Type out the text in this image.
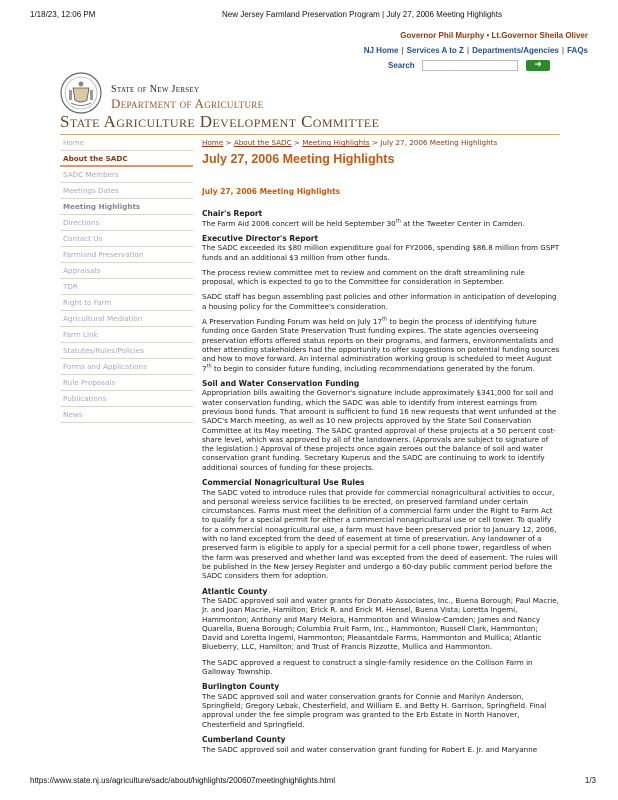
1/18/23, 12:06 PM	New Jersey Farmland Preservation Program | July 27, 2006 Meeting Highlights
Governor Phil Murphy • Lt.Governor Sheila Oliver
NJ Home | Services A to Z | Departments/Agencies | FAQs
Search	➜
State of New Jersey
Department of Agriculture
State Agriculture Development Committee
Home
About the SADC
SADC Members
Meetings Dates
Meeting Highlights
Directions
Contact Us
Farmland Preservation
Appraisals
TDR
Right to Farm
Agricultural Mediation
Farm Link
Statutes/Rules/Policies
Forms and Applications
Rule Proposals
Publications
News
Home > About the SADC > Meeting Highlights > July 27, 2006 Meeting Highlights
July 27, 2006 Meeting Highlights
July 27, 2006 Meeting Highlights
Chair's Report

The Farm Aid 2006 concert will be held September 30th at the Tweeter Center in Camden.

Executive Director's Report

The SADC exceeded its $80 million expenditure goal for FY2006, spending $86.8 million from GSPT funds and an additional $3 million from other funds.

The process review committee met to review and comment on the draft streamlining rule proposal, which is expected to go to the Committee for consideration in September.

SADC staff has begun assembling past policies and other information in anticipation of developing a housing policy for the Committee's consideration.

A Preservation Funding Forum was held on July 17th to begin the process of identifying future funding once Garden State Preservation Trust funding expires. The state agencies overseeing preservation efforts offered status reports on their programs, and farmers, environmentalists and other attending stakeholders had the opportunity to offer suggestions on potential funding sources and how to move forward. An internal administration working group is scheduled to meet August 7th to begin to consider future funding, including recommendations generated by the forum.

Soil and Water Conservation Funding

Appropriation bills awaiting the Governor's signature include approximately $341,000 for soil and water conservation funding, which the SADC was able to identify from interest earnings from previous bond funds. That amount is sufficient to fund 16 new requests that went unfunded at the SADC's March meeting, as well as 10 new projects approved by the State Soil Conservation Committee at its May meeting. The SADC granted approval of these projects at a 50 percent cost-share level, which was approved by all of the landowners. (Approvals are subject to signature of the legislation.) Approval of these projects once again zeroes out the balance of soil and water conservation grant funding. Secretary Kuperus and the SADC are continuing to work to identify additional sources of funding for these projects.

Commercial Nonagricultural Use Rules

The SADC voted to introduce rules that provide for commercial nonagricultural activities to occur, and personal wireless service facilities to be erected, on preserved farmland under certain circumstances. Farms must meet the definition of a commercial farm under the Right to Farm Act to qualify for a special permit for either a commercial nonagricultural use or cell tower. To qualify for a commercial nonagricultural use, a farm must have been preserved prior to January 12, 2006, with no land excepted from the deed of easement at time of preservation. Any landowner of a preserved farm is eligible to apply for a special permit for a cell phone tower, regardless of when the farm was preserved and whether land was excepted from the deed of easement. The rules will be published in the New Jersey Register and undergo a 60-day public comment period before the SADC considers them for adoption.

Atlantic County

The SADC approved soil and water grants for Donato Associates, Inc., Buena Borough; Paul Macrie, Jr. and Joan Macrie, Hamilton; Erick R. and Erick M. Hensel, Buena Vista; Loretta Ingemi, Hammonton; Anthony and Mary Melora, Hammonton and Winslow-Camden; James and Nancy Quarella, Buena Borough; Columbia Fruit Farm, Inc., Hammonton; Russell Clark, Hammonton; David and Loretta Ingemi, Hammonton; Pleasantdale Farms, Hammonton and Mullica; Atlantic Blueberry, LLC, Hamilton; and Trust of Francis Rizzotte, Mullica and Hammonton.

The SADC approved a request to construct a single-family residence on the Collison Farm in Galloway Township.

Burlington County

The SADC approved soil and water conservation grants for Connie and Marilyn Anderson, Springfield; Gregory Lebak, Chesterfield, and William E. and Betty H. Garrison, Springfield. Final approval under the fee simple program was granted to the Erb Estate in North Hanover, Chesterfield and Springfield.

Cumberland County

The SADC approved soil and water conservation grant funding for Robert E. Jr. and Maryanne

https://www.state.nj.us/agriculture/sadc/about/highlights/200607meetinghighlights.html	1/3
